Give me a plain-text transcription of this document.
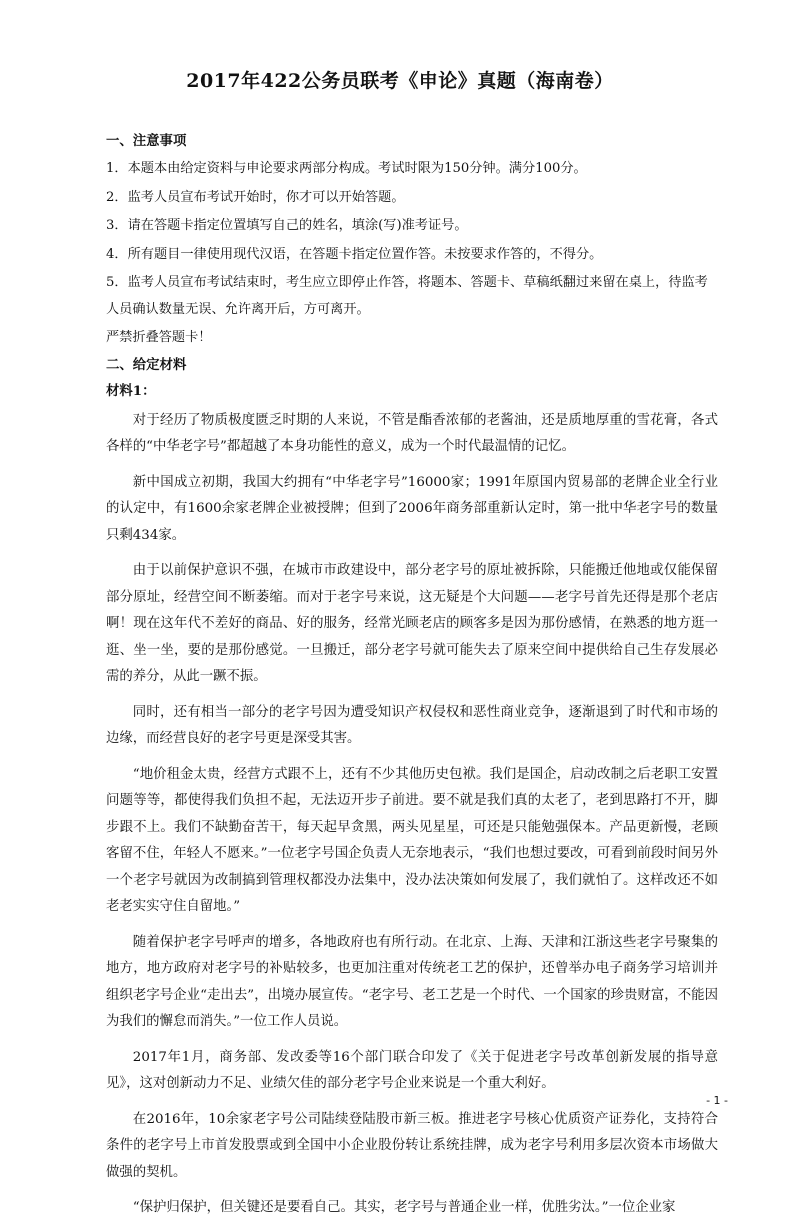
2017年422公务员联考《申论》真题（海南卷）
一、注意事项

1．本题本由给定资料与申论要求两部分构成。考试时限为150分钟。满分100分。

2．监考人员宣布考试开始时，你才可以开始答题。

3．请在答题卡指定位置填写自己的姓名，填涂(写)准考证号。

4．所有题目一律使用现代汉语，在答题卡指定位置作答。未按要求作答的，不得分。

5．监考人员宣布考试结束时，考生应立即停止作答，将题本、答题卡、草稿纸翻过来留在桌上，待监考人员确认数量无误、允许离开后，方可离开。

严禁折叠答题卡！

二、给定材料
材料1：

对于经历了物质极度匮乏时期的人来说，不管是酯香浓郁的老酱油，还是质地厚重的雪花膏，各式各样的“中华老字号”都超越了本身功能性的意义，成为一个时代最温情的记忆。

新中国成立初期，我国大约拥有“中华老字号”16000家；1991年原国内贸易部的老牌企业全行业的认定中，有1600余家老牌企业被授牌；但到了2006年商务部重新认定时，第一批中华老字号的数量只剩434家。

由于以前保护意识不强，在城市市政建设中，部分老字号的原址被拆除，只能搬迁他地或仅能保留部分原址，经营空间不断萎缩。而对于老字号来说，这无疑是个大问题——老字号首先还得是那个老店啊！现在这年代不差好的商品、好的服务，经常光顾老店的顾客多是因为那份感情，在熟悉的地方逛一逛、坐一坐，要的是那份感觉。一旦搬迁，部分老字号就可能失去了原来空间中提供给自己生存发展必需的养分，从此一蹶不振。

同时，还有相当一部分的老字号因为遭受知识产权侵权和恶性商业竞争，逐渐退到了时代和市场的边缘，而经营良好的老字号更是深受其害。

“地价租金太贵，经营方式跟不上，还有不少其他历史包袱。我们是国企，启动改制之后老职工安置问题等等，都使得我们负担不起，无法迈开步子前进。要不就是我们真的太老了，老到思路打不开，脚步跟不上。我们不缺勤奋苦干，每天起早贪黑，两头见星星，可还是只能勉强保本。产品更新慢，老顾客留不住，年轻人不愿来。”一位老字号国企负责人无奈地表示，“我们也想过要改，可看到前段时间另外一个老字号就因为改制搞到管理权都没办法集中，没办法决策如何发展了，我们就怕了。这样改还不如老老实实守住自留地。”

随着保护老字号呼声的增多，各地政府也有所行动。在北京、上海、天津和江浙这些老字号聚集的地方，地方政府对老字号的补贴较多，也更加注重对传统老工艺的保护，还曾举办电子商务学习培训并组织老字号企业“走出去”，出境办展宣传。“老字号、老工艺是一个时代、一个国家的珍贵财富，不能因为我们的懈怠而消失。”一位工作人员说。

2017年1月，商务部、发改委等16个部门联合印发了《关于促进老字号改革创新发展的指导意见》，这对创新动力不足、业绩欠佳的部分老字号企业来说是一个重大利好。

在2016年，10余家老字号公司陆续登陆股市新三板。推进老字号核心优质资产证券化，支持符合条件的老字号上市首发股票或到全国中小企业股份转让系统挂牌，成为老字号利用多层次资本市场做大做强的契机。

“保护归保护，但关键还是要看自己。其实，老字号与普通企业一样，优胜劣汰。”一位企业家

- 1 -
